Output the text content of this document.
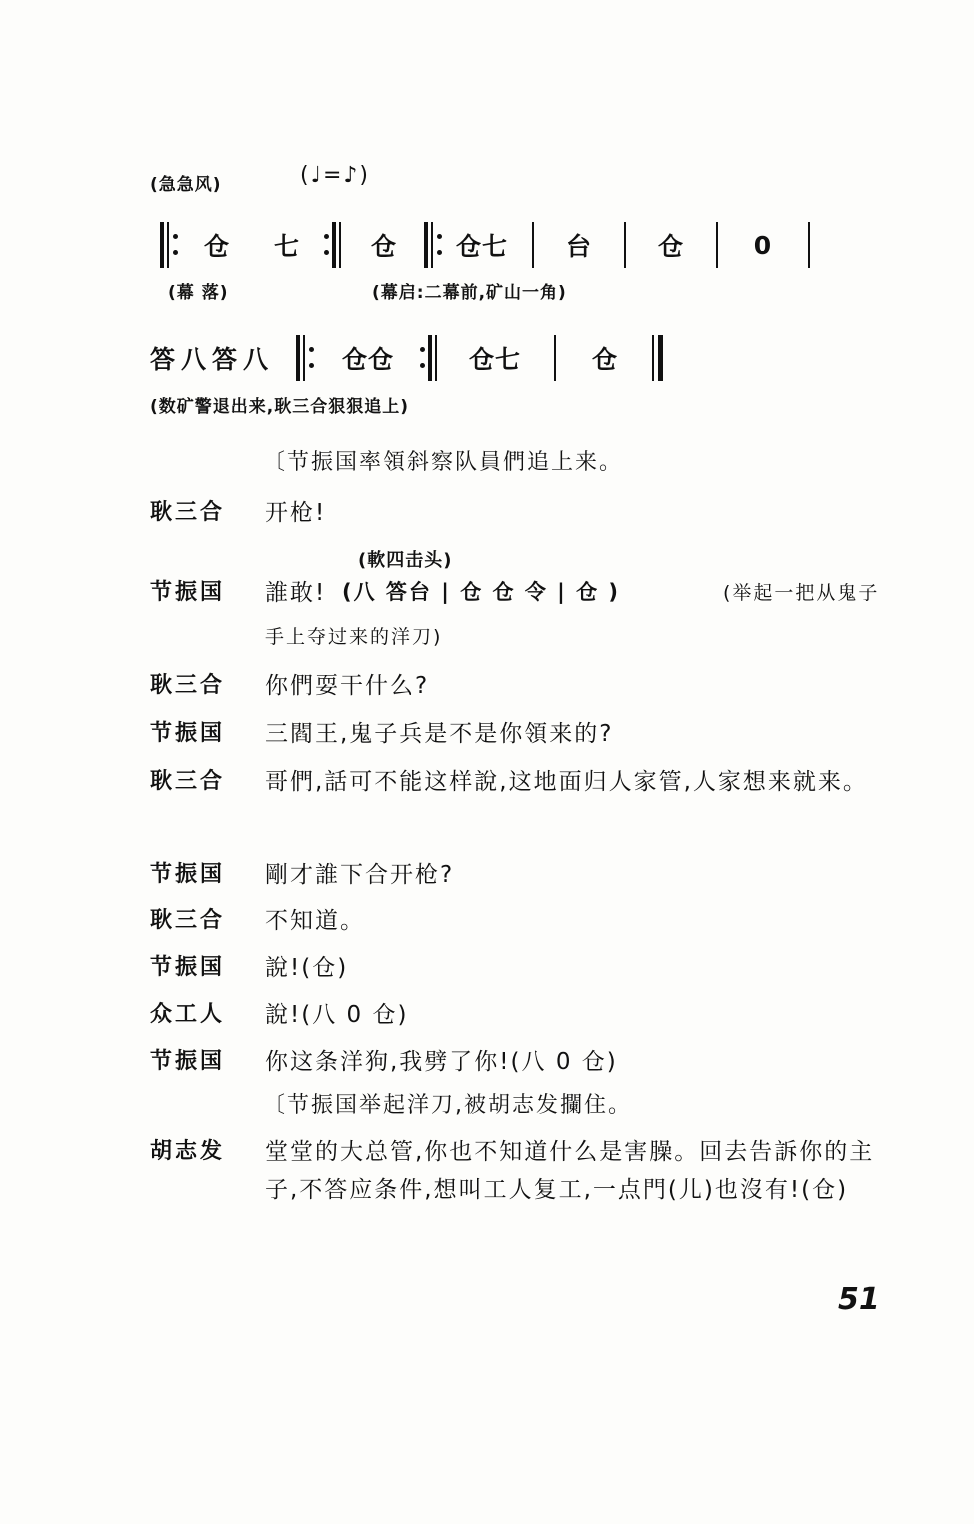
(急急风)	(♩=♪)
仓	七	仓	仓七	台	仓	0
(幕 落)	(幕启:二幕前,矿山一角)
答八答八	仓仓	仓七	仓
(数矿警退出来,耿三合狠狠追上)
〔节振国率領斜察队員們追上来。
耿三合	开枪!
(軟四击头)
节振国	誰敢! (八 答台 | 仓 仓 令 | 仓 )	(举起一把从鬼子
手上夺过来的洋刀)
耿三合	你們耍干什么?
节振国	三閻王,鬼子兵是不是你領来的?
耿三合	哥們,話可不能这样說,这地面归人家管,人家想来就来。
节振国	剛才誰下合开枪?
耿三合	不知道。
节振国	說!(仓)
众工人	說!(八 0 仓)
节振国	你这条洋狗,我劈了你!(八 0 仓)
〔节振国举起洋刀,被胡志发攔住。
胡志发	堂堂的大总管,你也不知道什么是害臊。回去告訴你的主子,不答应条件,想叫工人复工,一点門(儿)也沒有!(仓)
51
